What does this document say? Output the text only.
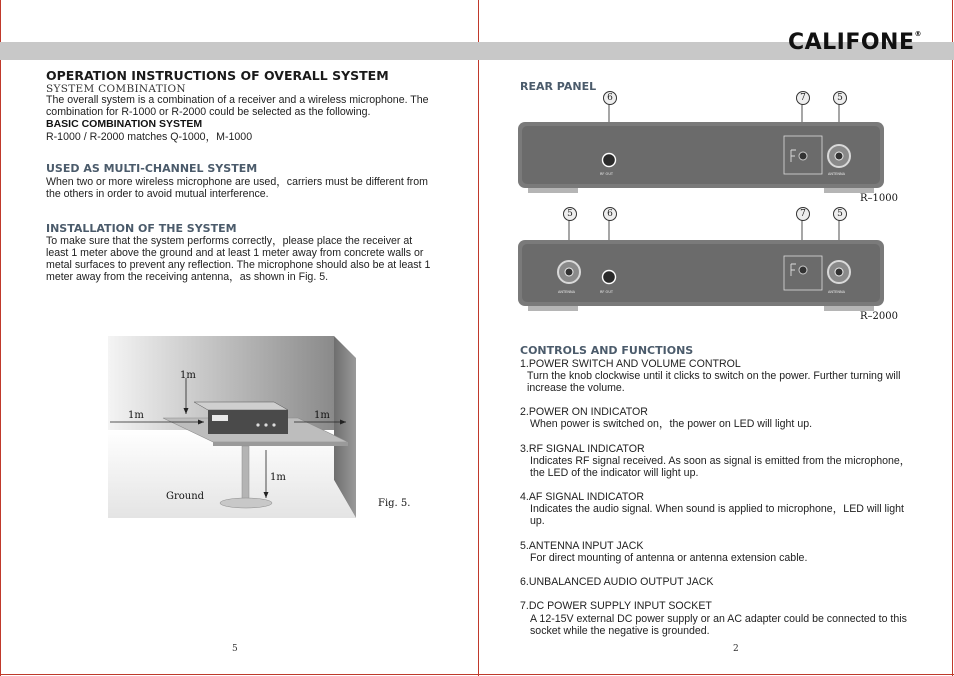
CALIFONE®
OPERATION INSTRUCTIONS OF OVERALL SYSTEM
SYSTEM COMBINATION
The overall system is a combination of a receiver and a wireless microphone. The
combination for R-1000 or R-2000 could be selected as the following.
BASIC COMBINATION SYSTEM
R-1000 / R-2000 matches Q-1000，M-1000
USED AS MULTI-CHANNEL SYSTEM
When two or more wireless microphone are used，carriers must be different from
the others in order to avoid mutual interference.
INSTALLATION OF THE SYSTEM
To make sure that the system performs correctly，please place the receiver at
least 1 meter above the ground and at least 1 meter away from concrete walls or
metal surfaces to prevent any reflection. The microphone should also be at least 1
meter away from the receiving antenna，as shown in Fig. 5.
1m
1m	1m
1m
Ground
Fig. 5.
5
REAR PANEL
6	7	5
RF OUT	ANTENNA
R–1000
5	6	7	5
ANTENNA	RF OUT	ANTENNA
R–2000
CONTROLS AND FUNCTIONS
1.POWER SWITCH AND VOLUME CONTROL
Turn the knob clockwise until it clicks to switch on the power. Further turning will
increase the volume.
2.POWER ON INDICATOR
When power is switched on，the power on LED will light up.
3.RF SIGNAL INDICATOR
Indicates RF signal received. As soon as signal is emitted from the microphone，
the LED of the indicator will light up.
4.AF SIGNAL INDICATOR
Indicates the audio signal. When sound is applied to microphone，LED will light
up.
5.ANTENNA INPUT JACK
For direct mounting of antenna or antenna extension cable.
6.UNBALANCED AUDIO OUTPUT JACK
7.DC POWER SUPPLY INPUT SOCKET
A 12-15V external DC power supply or an AC adapter could be connected to this
socket while the negative is grounded.
2
